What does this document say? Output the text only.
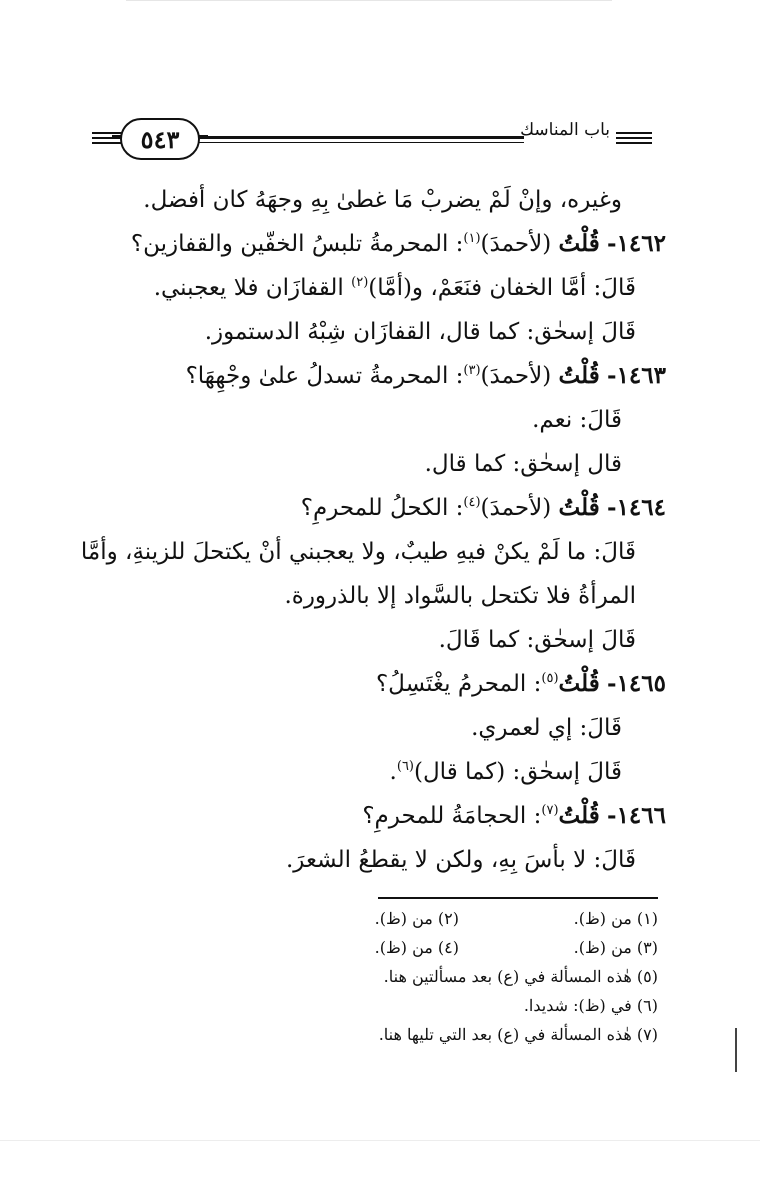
٥٤٣	باب المناسك
وغيره، وإنْ لَمْ يضربْ مَا غطىٰ بِهِ وجهَهُ كان أفضل.
١٤٦٢- قُلْتُ (لأحمدَ)$^{(١)}$: المحرمةُ تلبسُ الخفّين والقفازين؟
قَالَ: أمَّا الخفان فنَعَمْ، و(أمَّا)$^{(٢)}$ القفازَان فلا يعجبني.
قَالَ إسحٰق: كما قال، القفازَان شِبْهُ الدستموز.
١٤٦٣- قُلْتُ (لأحمدَ)$^{(٣)}$: المحرمةُ تسدلُ علىٰ وجْهِهَا؟
قَالَ: نعم.
قال إسحٰق: كما قال.
١٤٦٤- قُلْتُ (لأحمدَ)$^{(٤)}$: الكحلُ للمحرمِ؟
قَالَ: ما لَمْ يكنْ فيهِ طيبٌ، ولا يعجبني أنْ يكتحلَ للزينةِ، وأمَّا
المرأةُ فلا تكتحل بالسَّواد إلا بالذرورة.
قَالَ إسحٰق: كما قَالَ.
١٤٦٥- قُلْتُ$^{(٥)}$: المحرمُ يغْتَسِلُ؟
قَالَ: إي لعمري.
قَالَ إسحٰق: (كما قال)$^{(٦)}$.
١٤٦٦- قُلْتُ$^{(٧)}$: الحجامَةُ للمحرمِ؟
قَالَ: لا بأسَ بِهِ، ولكن لا يقطعُ الشعرَ.
(١) من (ظ).
(٢) من (ظ).
(٣) من (ظ).
(٤) من (ظ).
(٥) هٰذه المسألة في (ع) بعد مسألتين هنا.
(٦) في (ظ): شديدا.
(٧) هٰذه المسألة في (ع) بعد التي تليها هنا.
